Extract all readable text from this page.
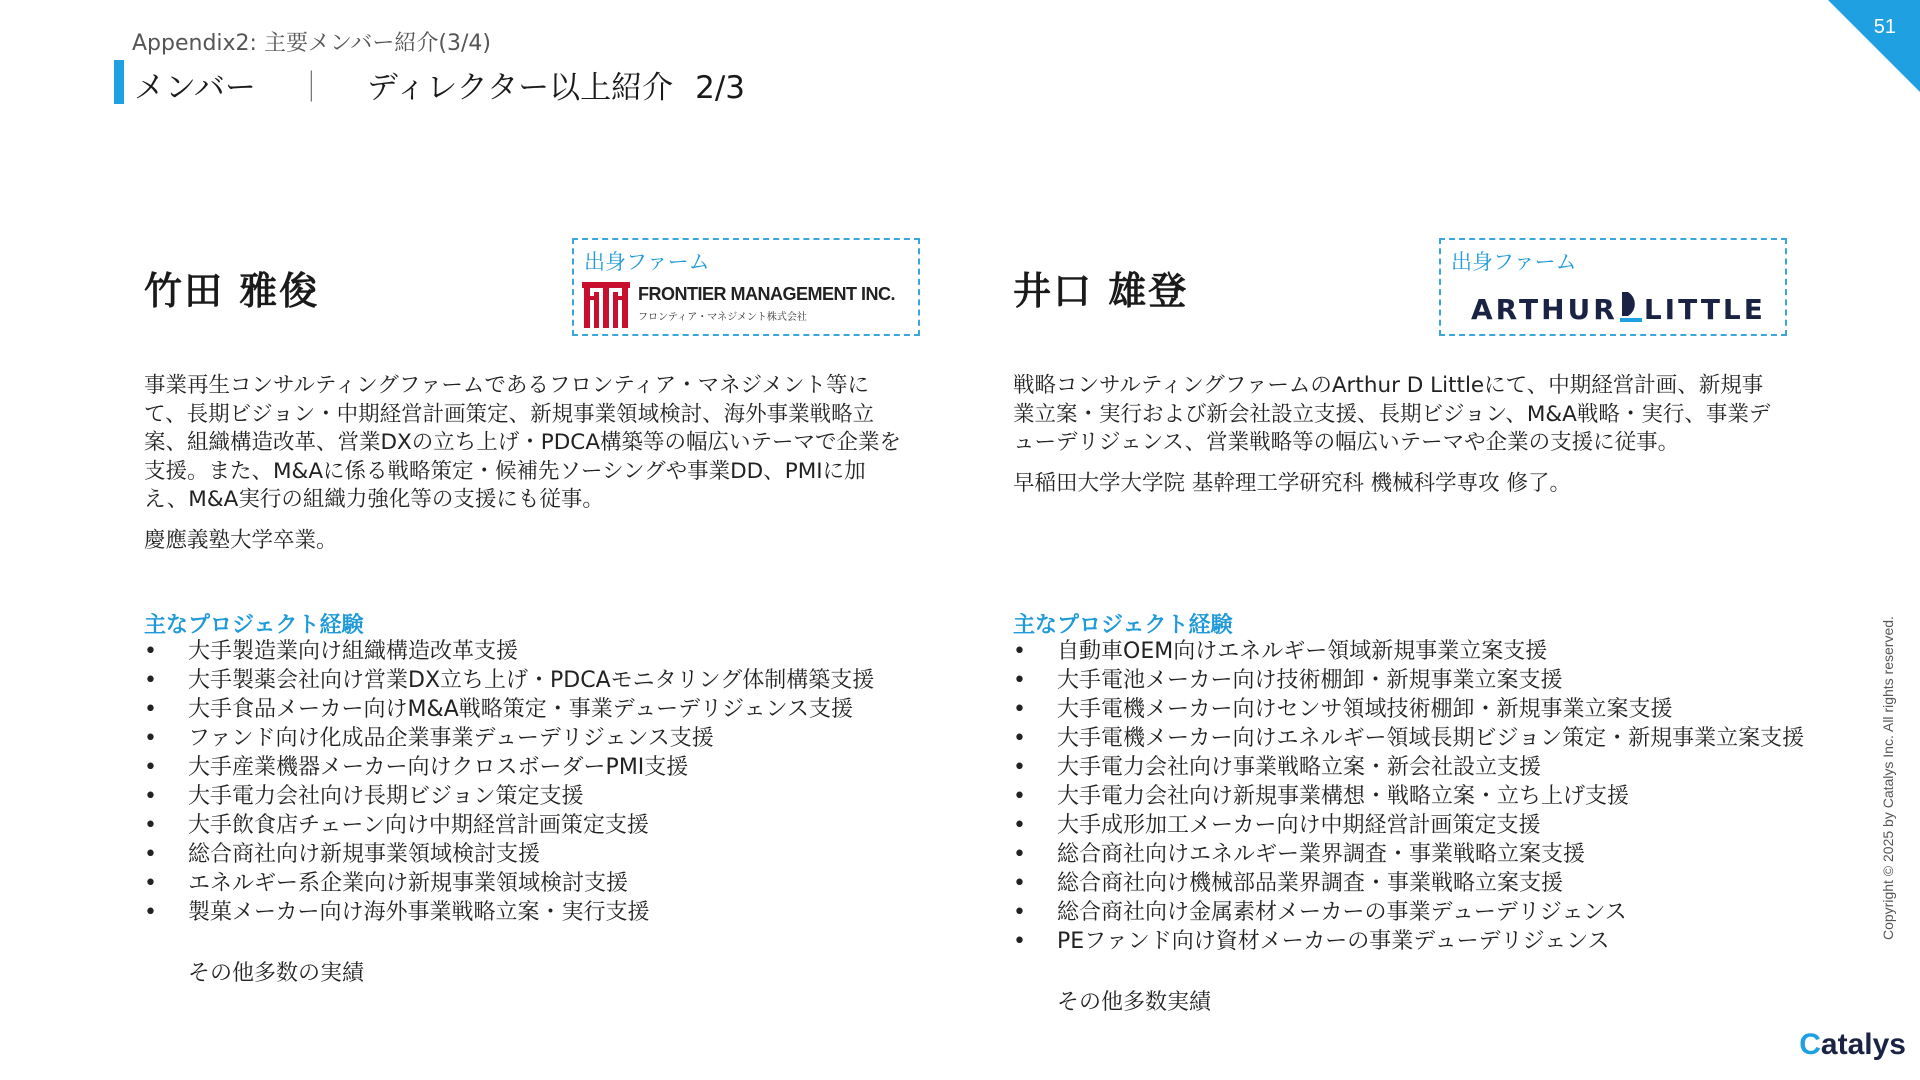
51
Appendix2: 主要メンバー紹介(3/4)
メンバー ｜ ディレクター以上紹介 2/3
竹田 雅俊
出身ファーム
FRONTIER MANAGEMENT INC.
フロンティア・マネジメント株式会社

事業再生コンサルティングファームであるフロンティア・マネジメント等にて、長期ビジョン・中期経営計画策定、新規事業領域検討、海外事業戦略立案、組織構造改革、営業DXの立ち上げ・PDCA構築等の幅広いテーマで企業を支援。また、M&Aに係る戦略策定・候補先ソーシングや事業DD、PMIに加え、M&A実行の組織力強化等の支援にも従事。

慶應義塾大学卒業。

主なプロジェクト経験
• 大手製造業向け組織構造改革支援
• 大手製薬会社向け営業DX立ち上げ・PDCAモニタリング体制構築支援
• 大手食品メーカー向けM&A戦略策定・事業デューデリジェンス支援
• ファンド向け化成品企業事業デューデリジェンス支援
• 大手産業機器メーカー向けクロスボーダーPMI支援
• 大手電力会社向け長期ビジョン策定支援
• 大手飲食店チェーン向け中期経営計画策定支援
• 総合商社向け新規事業領域検討支援
• エネルギー系企業向け新規事業領域検討支援
• 製菓メーカー向け海外事業戦略立案・実行支援
その他多数の実績
井口 雄登
出身ファーム
ARTHUR LITTLE

戦略コンサルティングファームのArthur D Littleにて、中期経営計画、新規事業立案・実行および新会社設立支援、長期ビジョン、M&A戦略・実行、事業デューデリジェンス、営業戦略等の幅広いテーマや企業の支援に従事。

早稲田大学大学院 基幹理工学研究科 機械科学専攻 修了。

主なプロジェクト経験
• 自動車OEM向けエネルギー領域新規事業立案支援
• 大手電池メーカー向け技術棚卸・新規事業立案支援
• 大手電機メーカー向けセンサ領域技術棚卸・新規事業立案支援
• 大手電機メーカー向けエネルギー領域長期ビジョン策定・新規事業立案支援
• 大手電力会社向け事業戦略立案・新会社設立支援
• 大手電力会社向け新規事業構想・戦略立案・立ち上げ支援
• 大手成形加工メーカー向け中期経営計画策定支援
• 総合商社向けエネルギー業界調査・事業戦略立案支援
• 総合商社向け機械部品業界調査・事業戦略立案支援
• 総合商社向け金属素材メーカーの事業デューデリジェンス
• PEファンド向け資材メーカーの事業デューデリジェンス
その他多数実績
Copyright © 2025 by Catalys Inc. All rights reserved.
Catalys
